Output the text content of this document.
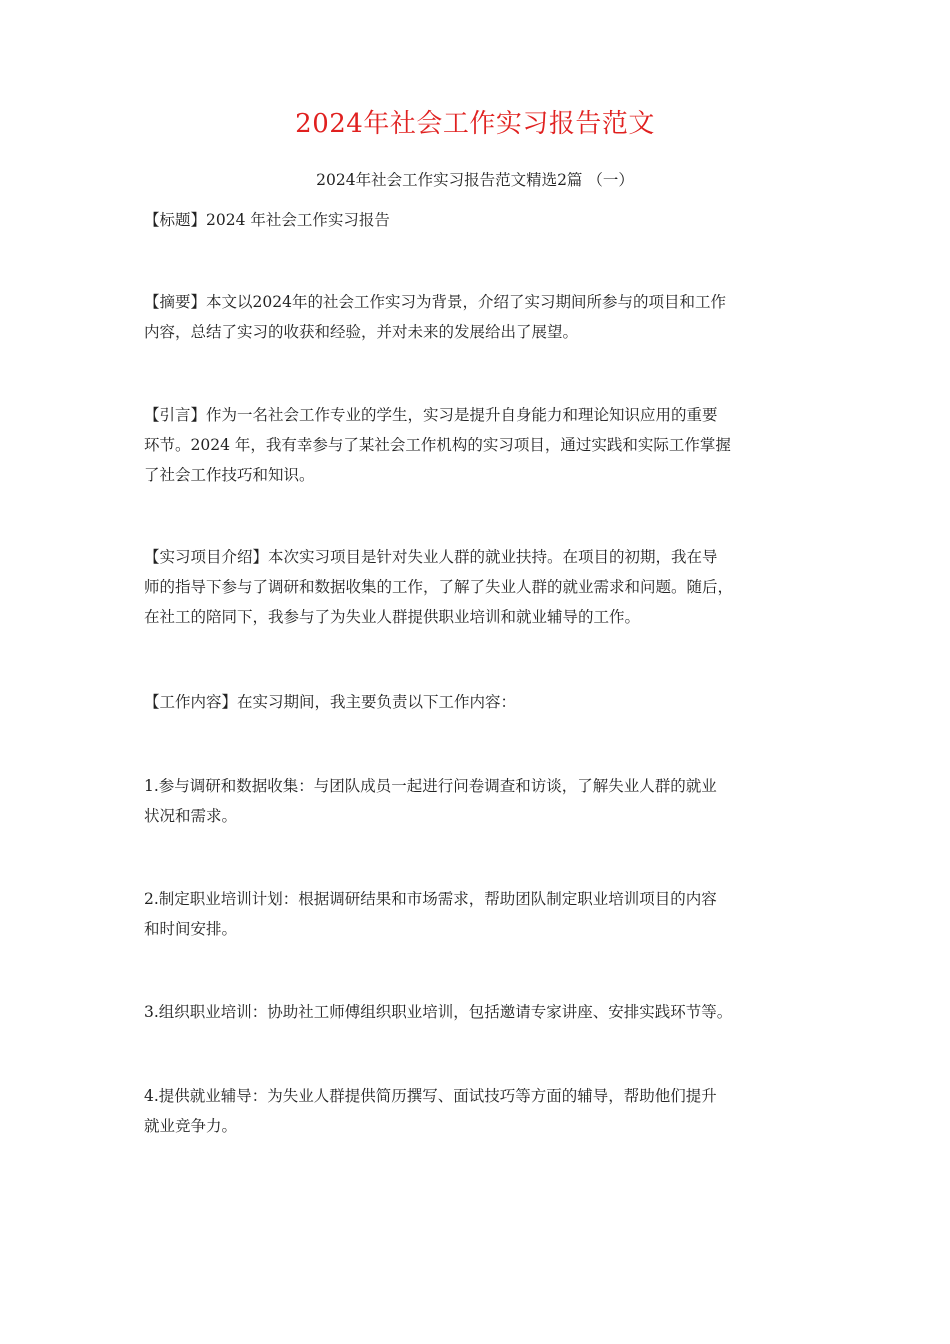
2024年社会工作实习报告范文
2024年社会工作实习报告范文精选2篇 （一）
【标题】2024 年社会工作实习报告
【摘要】本文以2024年的社会工作实习为背景，介绍了实习期间所参与的项目和工作
内容，总结了实习的收获和经验，并对未来的发展给出了展望。
【引言】作为一名社会工作专业的学生，实习是提升自身能力和理论知识应用的重要
环节。2024 年，我有幸参与了某社会工作机构的实习项目，通过实践和实际工作掌握
了社会工作技巧和知识。
【实习项目介绍】本次实习项目是针对失业人群的就业扶持。在项目的初期，我在导
师的指导下参与了调研和数据收集的工作，了解了失业人群的就业需求和问题。随后，
在社工的陪同下，我参与了为失业人群提供职业培训和就业辅导的工作。
【工作内容】在实习期间，我主要负责以下工作内容：
1.参与调研和数据收集：与团队成员一起进行问卷调查和访谈，了解失业人群的就业
状况和需求。
2.制定职业培训计划：根据调研结果和市场需求，帮助团队制定职业培训项目的内容
和时间安排。
3.组织职业培训：协助社工师傅组织职业培训，包括邀请专家讲座、安排实践环节等。
4.提供就业辅导：为失业人群提供简历撰写、面试技巧等方面的辅导，帮助他们提升
就业竞争力。
